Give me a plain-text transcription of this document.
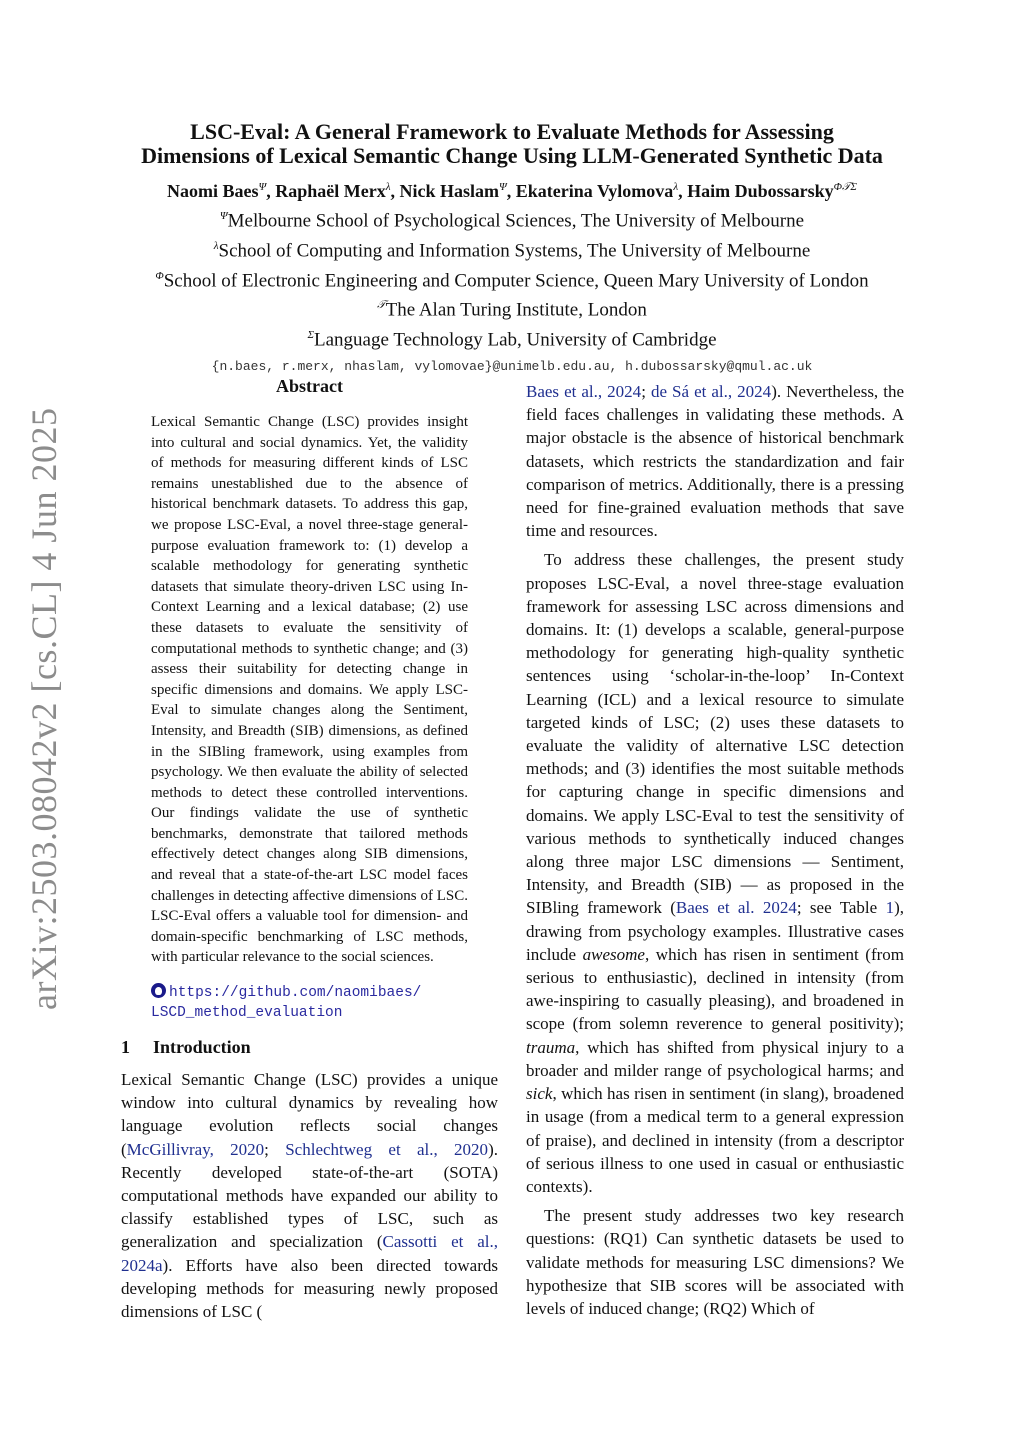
arXiv:2503.08042v2 [cs.CL] 4 Jun 2025

LSC-Eval: A General Framework to Evaluate Methods for Assessing
Dimensions of Lexical Semantic Change Using LLM-Generated Synthetic Data

Naomi Baes$^\Psi$, Raphaël Merx$^\lambda$, Nick Haslam$^\Psi$, Ekaterina Vylomova$^\lambda$, Haim Dubossarsky$^{\Phi 𝒯\Sigma}$
$^\Psi$Melbourne School of Psychological Sciences, The University of Melbourne
$^\lambda$School of Computing and Information Systems, The University of Melbourne
$^\Phi$School of Electronic Engineering and Computer Science, Queen Mary University of London
$^𝒯$The Alan Turing Institute, London
$^\Sigma$Language Technology Lab, University of Cambridge
{n.baes, r.merx, nhaslam, vylomovae}@unimelb.edu.au, h.dubossarsky@qmul.ac.uk

Abstract

Lexical Semantic Change (LSC) provides insight into cultural and social dynamics. Yet, the validity of methods for measuring different kinds of LSC remains unestablished due to the absence of historical benchmark datasets. To address this gap, we propose LSC-Eval, a novel three-stage general-purpose evaluation framework to: (1) develop a scalable methodology for generating synthetic datasets that simulate theory-driven LSC using In-Context Learning and a lexical database; (2) use these datasets to evaluate the sensitivity of computational methods to synthetic change; and (3) assess their suitability for detecting change in specific dimensions and domains. We apply LSC-Eval to simulate changes along the Sentiment, Intensity, and Breadth (SIB) dimensions, as defined in the SIBling framework, using examples from psychology. We then evaluate the ability of selected methods to detect these controlled interventions. Our findings validate the use of synthetic benchmarks, demonstrate that tailored methods effectively detect changes along SIB dimensions, and reveal that a state-of-the-art LSC model faces challenges in detecting affective dimensions of LSC. LSC-Eval offers a valuable tool for dimension- and domain-specific benchmarking of LSC methods, with particular relevance to the social sciences.

https://github.com/naomibaes/
LSCD_method_evaluation
1 Introduction

Lexical Semantic Change (LSC) provides a unique window into cultural dynamics by revealing how language evolution reflects social changes (McGillivray, 2020; Schlechtweg et al., 2020). Recently developed state-of-the-art (SOTA) computational methods have expanded our ability to classify established types of LSC, such as generalization and specialization (Cassotti et al., 2024a). Efforts have also been directed towards developing methods for measuring newly proposed dimensions of LSC (

Baes et al., 2024; de Sá et al., 2024). Nevertheless, the field faces challenges in validating these methods. A major obstacle is the absence of historical benchmark datasets, which restricts the standardization and fair comparison of metrics. Additionally, there is a pressing need for fine-grained evaluation methods that save time and resources.

To address these challenges, the present study proposes LSC-Eval, a novel three-stage evaluation framework for assessing LSC across dimensions and domains. It: (1) develops a scalable, general-purpose methodology for generating high-quality synthetic sentences using ‘scholar-in-the-loop’ In-Context Learning (ICL) and a lexical resource to simulate targeted kinds of LSC; (2) uses these datasets to evaluate the validity of alternative LSC detection methods; and (3) identifies the most suitable methods for capturing change in specific dimensions and domains. We apply LSC-Eval to test the sensitivity of various methods to synthetically induced changes along three major LSC dimensions — Sentiment, Intensity, and Breadth (SIB) — as proposed in the SIBling framework (Baes et al. 2024; see Table 1), drawing from psychology examples. Illustrative cases include awesome, which has risen in sentiment (from serious to enthusiastic), declined in intensity (from awe-inspiring to casually pleasing), and broadened in scope (from solemn reverence to general positivity); trauma, which has shifted from physical injury to a broader and milder range of psychological harms; and sick, which has risen in sentiment (in slang), broadened in usage (from a medical term to a general expression of praise), and declined in intensity (from a descriptor of serious illness to one used in casual or enthusiastic contexts).

The present study addresses two key research questions: (RQ1) Can synthetic datasets be used to validate methods for measuring LSC dimensions? We hypothesize that SIB scores will be associated with levels of induced change; (RQ2) Which of
